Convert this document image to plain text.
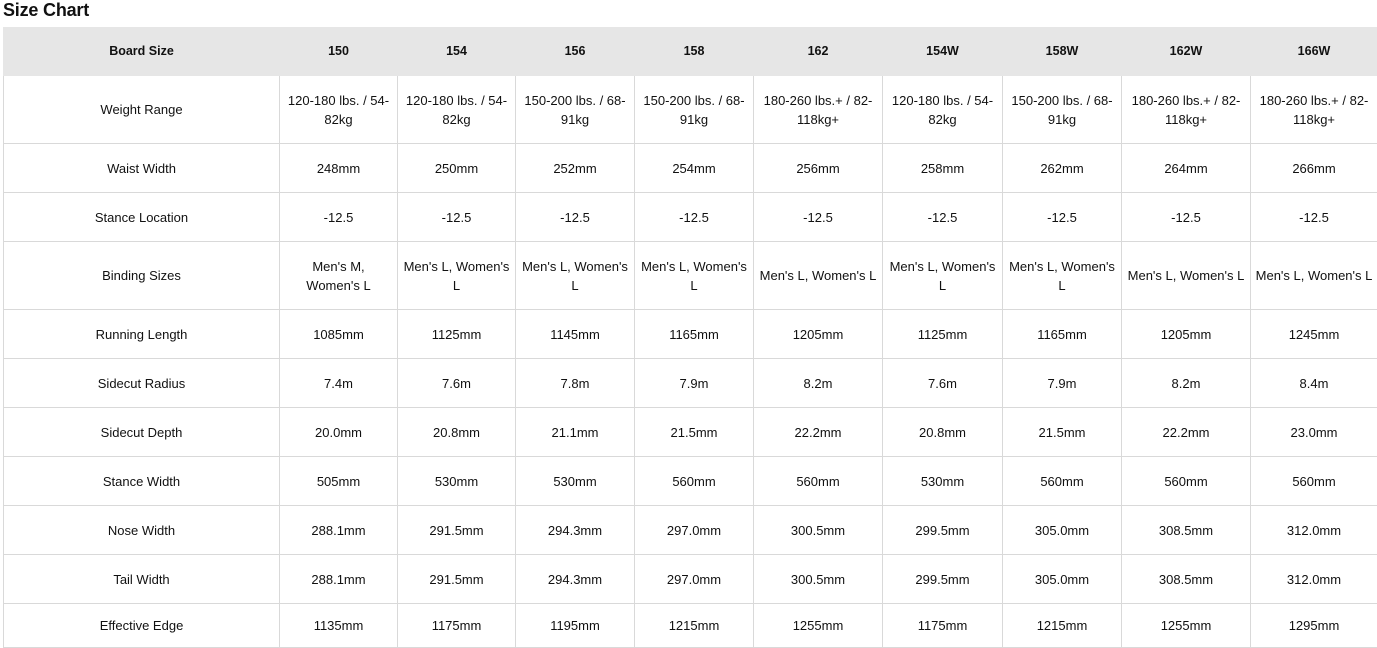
Size Chart
Board Size	150	154	156	158	162	154W	158W	162W	166W
Weight Range	120-180 lbs. / 54-82kg	120-180 lbs. / 54-82kg	150-200 lbs. / 68-91kg	150-200 lbs. / 68-91kg	180-260 lbs.+ / 82-118kg+	120-180 lbs. / 54-82kg	150-200 lbs. / 68-91kg	180-260 lbs.+ / 82-118kg+	180-260 lbs.+ / 82-118kg+
Waist Width	248mm	250mm	252mm	254mm	256mm	258mm	262mm	264mm	266mm
Stance Location	-12.5	-12.5	-12.5	-12.5	-12.5	-12.5	-12.5	-12.5	-12.5
Binding Sizes	Men's M, Women's L	Men's L, Women's L	Men's L, Women's L	Men's L, Women's L	Men's L, Women's L	Men's L, Women's L	Men's L, Women's L	Men's L, Women's L	Men's L, Women's L
Running Length	1085mm	1125mm	1145mm	1165mm	1205mm	1125mm	1165mm	1205mm	1245mm
Sidecut Radius	7.4m	7.6m	7.8m	7.9m	8.2m	7.6m	7.9m	8.2m	8.4m
Sidecut Depth	20.0mm	20.8mm	21.1mm	21.5mm	22.2mm	20.8mm	21.5mm	22.2mm	23.0mm
Stance Width	505mm	530mm	530mm	560mm	560mm	530mm	560mm	560mm	560mm
Nose Width	288.1mm	291.5mm	294.3mm	297.0mm	300.5mm	299.5mm	305.0mm	308.5mm	312.0mm
Tail Width	288.1mm	291.5mm	294.3mm	297.0mm	300.5mm	299.5mm	305.0mm	308.5mm	312.0mm
Effective Edge	1135mm	1175mm	1195mm	1215mm	1255mm	1175mm	1215mm	1255mm	1295mm
